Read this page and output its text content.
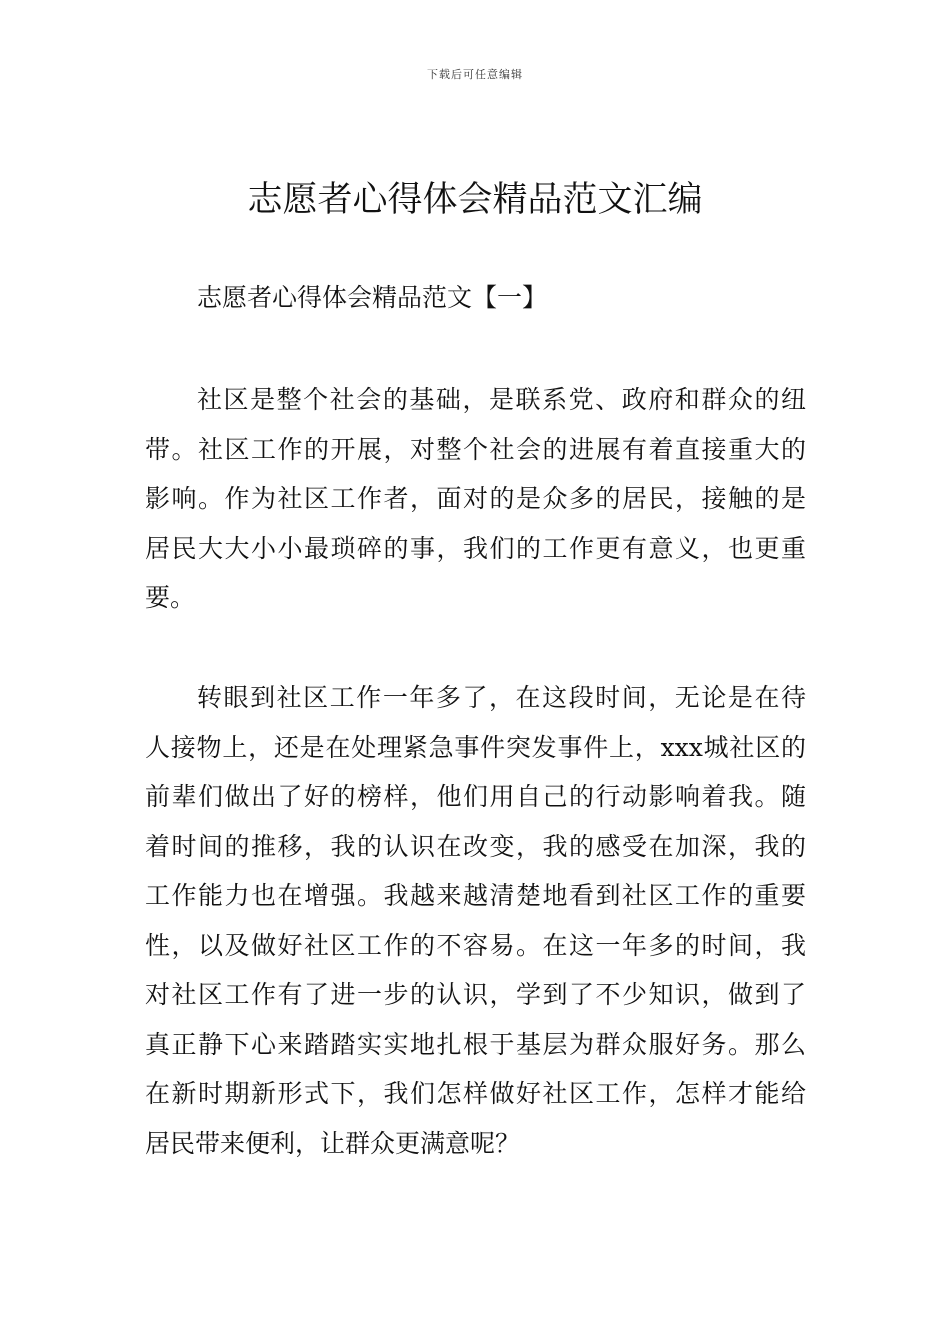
下载后可任意编辑
志愿者心得体会精品范文汇编
志愿者心得体会精品范文【一】
社区是整个社会的基础，是联系党、政府和群众的纽
带。社区工作的开展，对整个社会的进展有着直接重大的
影响。作为社区工作者，面对的是众多的居民，接触的是
居民大大小小最琐碎的事，我们的工作更有意义，也更重
要。
转眼到社区工作一年多了，在这段时间，无论是在待
人接物上，还是在处理紧急事件突发事件上，xxx城社区的
前辈们做出了好的榜样，他们用自己的行动影响着我。随
着时间的推移，我的认识在改变，我的感受在加深，我的
工作能力也在增强。我越来越清楚地看到社区工作的重要
性，以及做好社区工作的不容易。在这一年多的时间，我
对社区工作有了进一步的认识，学到了不少知识，做到了
真正静下心来踏踏实实地扎根于基层为群众服好务。那么
在新时期新形式下，我们怎样做好社区工作，怎样才能给
居民带来便利，让群众更满意呢？
